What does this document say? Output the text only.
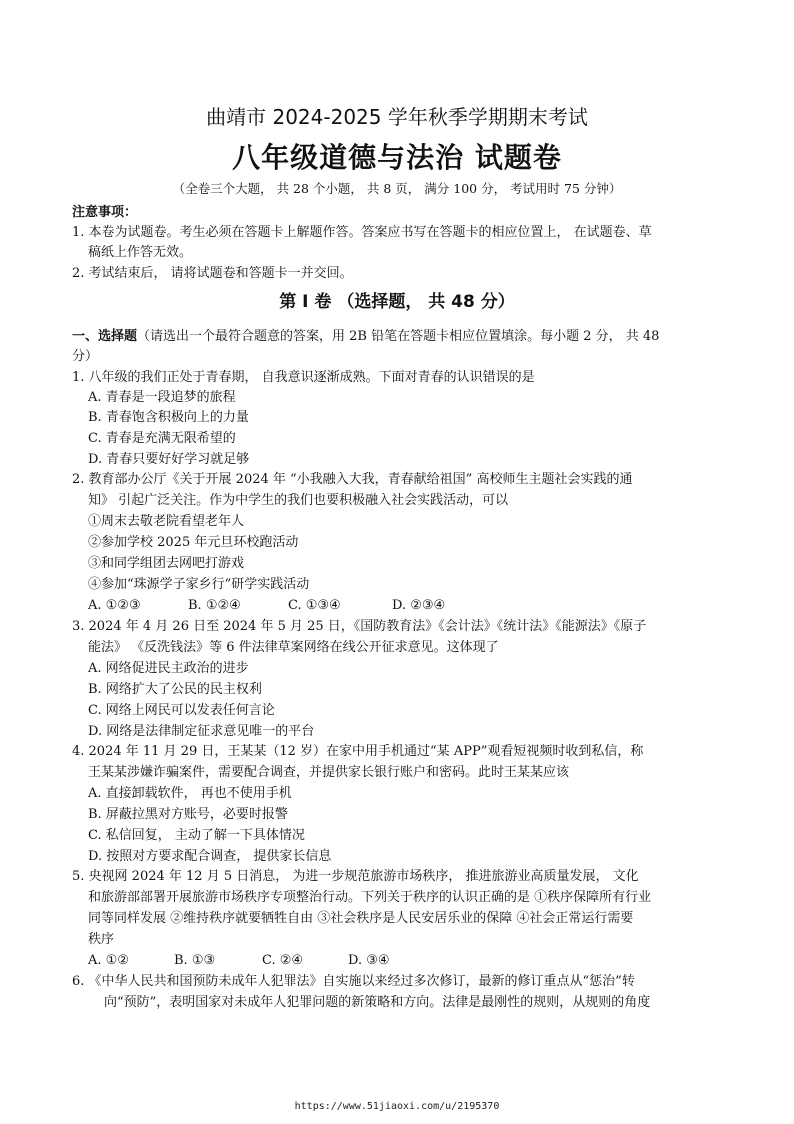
曲靖市 2024-2025 学年秋季学期期末考试
八年级道德与法治 试题卷
（全卷三个大题， 共 28 个小题， 共 8 页， 满分 100 分， 考试用时 75 分钟）
注意事项：
1. 本卷为试题卷。考生必须在答题卡上解题作答。答案应书写在答题卡的相应位置上， 在试题卷、草
稿纸上作答无效。
2. 考试结束后， 请将试题卷和答题卡一并交回。
第 Ⅰ 卷 （选择题， 共 48 分）
一、选择题（请选出一个最符合题意的答案，用 2B 铅笔在答题卡相应位置填涂。每小题 2 分， 共 48
分）
1. 八年级的我们正处于青春期， 自我意识逐渐成熟。下面对青春的认识错误的是
A. 青春是一段追梦的旅程
B. 青春饱含积极向上的力量
C. 青春是充满无限希望的
D. 青春只要好好学习就足够
2. 教育部办公厅《关于开展 2024 年 “小我融入大我，青春献给祖国” 高校师生主题社会实践的通
知》 引起广泛关注。作为中学生的我们也要积极融入社会实践活动，可以
①周末去敬老院看望老年人
②参加学校 2025 年元旦环校跑活动
③和同学组团去网吧打游戏
④参加“珠源学子家乡行”研学实践活动
A. ①②③	B. ①②④	C. ①③④	D. ②③④
3. 2024 年 4 月 26 日至 2024 年 5 月 25 日，《国防教育法》《会计法》《统计法》《能源法》《原子
能法》 《反洗钱法》等 6 件法律草案网络在线公开征求意见。这体现了
A. 网络促进民主政治的进步
B. 网络扩大了公民的民主权利
C. 网络上网民可以发表任何言论
D. 网络是法律制定征求意见唯一的平台
4. 2024 年 11 月 29 日，王某某（12 岁）在家中用手机通过“某 APP”观看短视频时收到私信，称
王某某涉嫌诈骗案件，需要配合调查，并提供家长银行账户和密码。此时王某某应该
A. 直接卸载软件， 再也不使用手机
B. 屏蔽拉黑对方账号，必要时报警
C. 私信回复， 主动了解一下具体情况
D. 按照对方要求配合调查， 提供家长信息
5. 央视网 2024 年 12 月 5 日消息， 为进一步规范旅游市场秩序， 推进旅游业高质量发展， 文化
和旅游部部署开展旅游市场秩序专项整治行动。下列关于秩序的认识正确的是 ①秩序保障所有行业
同等同样发展 ②维持秩序就要牺牲自由 ③社会秩序是人民安居乐业的保障 ④社会正常运行需要
秩序
A. ①②	B. ①③	C. ②④	D. ③④
6. 《中华人民共和国预防未成年人犯罪法》自实施以来经过多次修订，最新的修订重点从“惩治”转
向“预防”，表明国家对未成年人犯罪问题的新策略和方向。法律是最刚性的规则，从规则的角度
https://www.51jiaoxi.com/u/2195370
